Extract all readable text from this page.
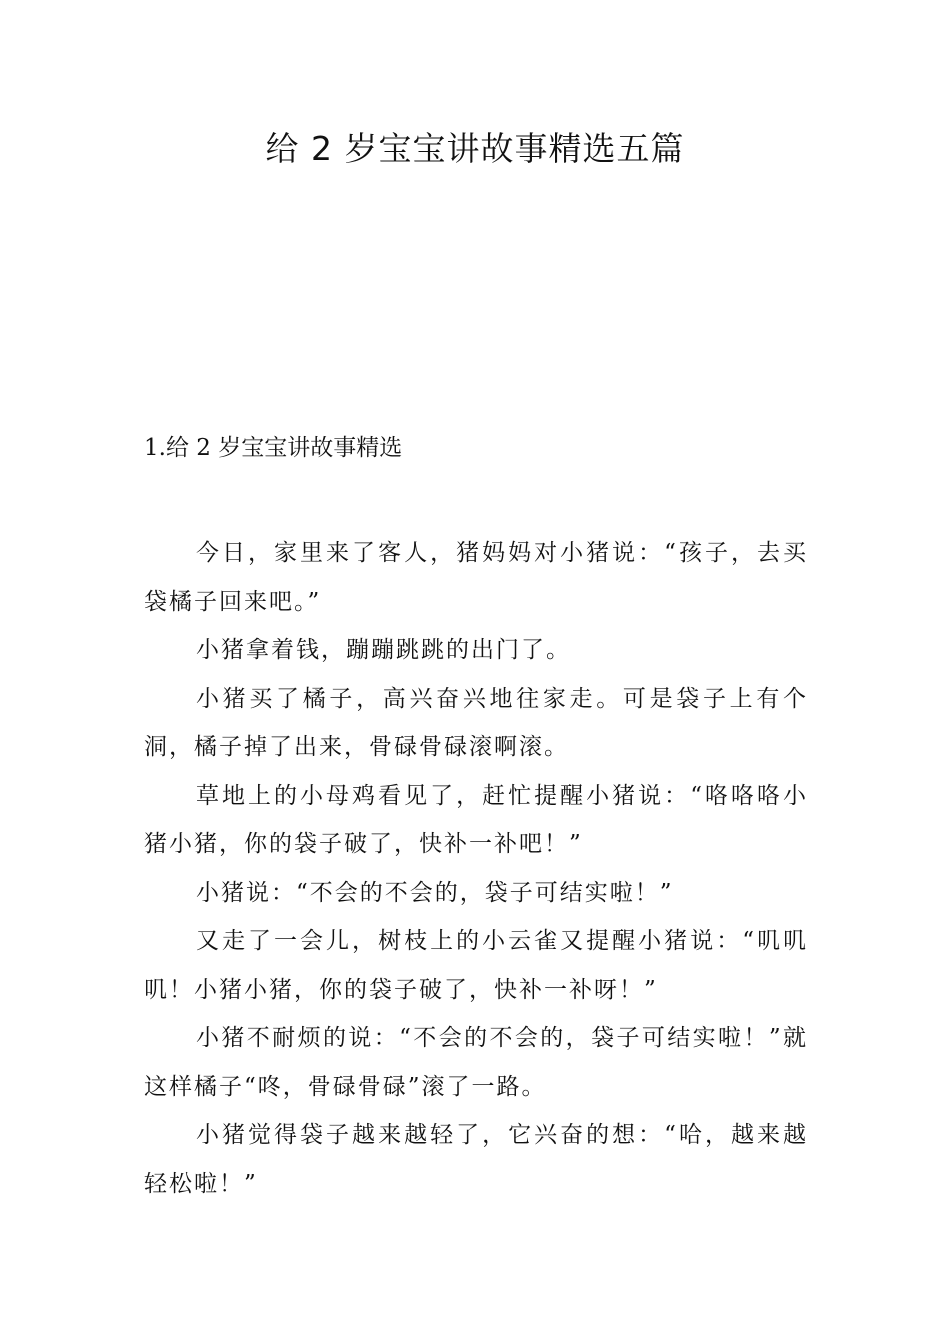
给 2 岁宝宝讲故事精选五篇
1.给 2 岁宝宝讲故事精选

今日，家里来了客人，猪妈妈对小猪说：“孩子，去买袋橘子回来吧。”

小猪拿着钱，蹦蹦跳跳的出门了。

小猪买了橘子，高兴奋兴地往家走。可是袋子上有个洞，橘子掉了出来，骨碌骨碌滚啊滚。

草地上的小母鸡看见了，赶忙提醒小猪说：“咯咯咯小猪小猪，你的袋子破了，快补一补吧！”

小猪说：“不会的不会的，袋子可结实啦！”

又走了一会儿，树枝上的小云雀又提醒小猪说：“叽叽叽！小猪小猪，你的袋子破了，快补一补呀！”

小猪不耐烦的说：“不会的不会的，袋子可结实啦！”就这样橘子“咚，骨碌骨碌”滚了一路。

小猪觉得袋子越来越轻了，它兴奋的想：“哈，越来越轻松啦！”
